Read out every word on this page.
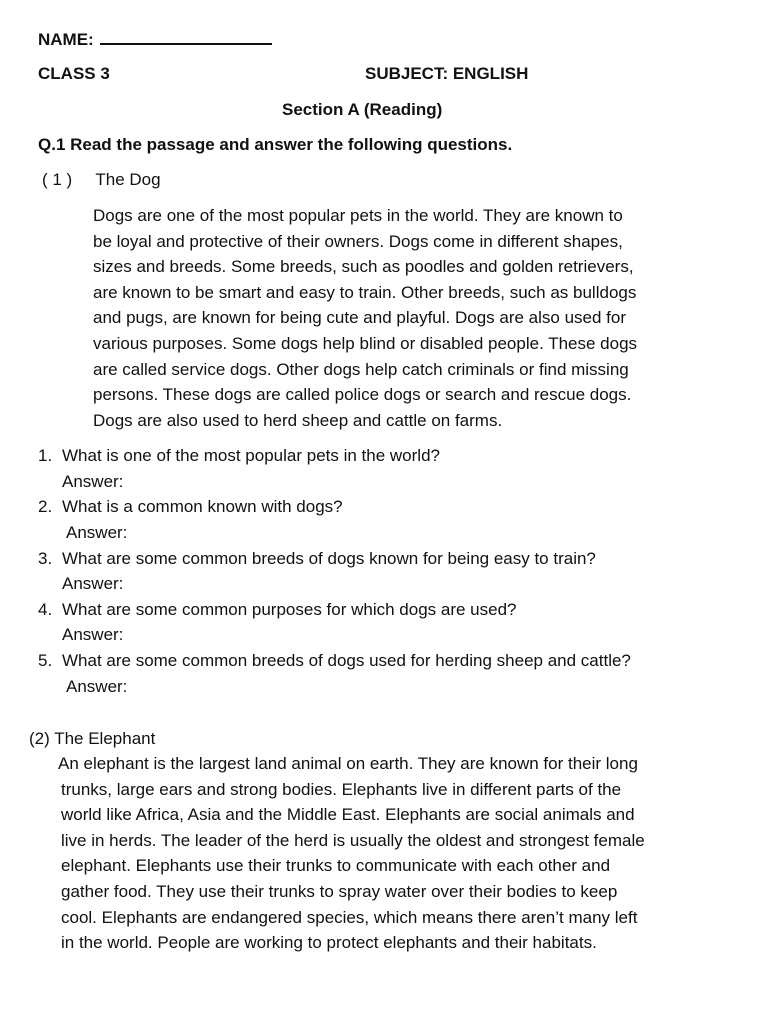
NAME:
CLASS 3	SUBJECT: ENGLISH
Section A (Reading)
Q.1 Read the passage and answer the following questions.
( 1 ) The Dog
Dogs are one of the most popular pets in the world. They are known to
be loyal and protective of their owners. Dogs come in different shapes,
sizes and breeds. Some breeds, such as poodles and golden retrievers,
are known to be smart and easy to train. Other breeds, such as bulldogs
and pugs, are known for being cute and playful. Dogs are also used for
various purposes. Some dogs help blind or disabled people. These dogs
are called service dogs. Other dogs help catch criminals or find missing
persons. These dogs are called police dogs or search and rescue dogs.
Dogs are also used to herd sheep and cattle on farms.
1. What is one of the most popular pets in the world?
Answer:
2. What is a common known with dogs?
Answer:
3. What are some common breeds of dogs known for being easy to train?
Answer:
4. What are some common purposes for which dogs are used?
Answer:
5. What are some common breeds of dogs used for herding sheep and cattle?
Answer:
(2) The Elephant
An elephant is the largest land animal on earth. They are known for their long
trunks, large ears and strong bodies. Elephants live in different parts of the
world like Africa, Asia and the Middle East. Elephants are social animals and
live in herds. The leader of the herd is usually the oldest and strongest female
elephant. Elephants use their trunks to communicate with each other and
gather food. They use their trunks to spray water over their bodies to keep
cool. Elephants are endangered species, which means there aren’t many left
in the world. People are working to protect elephants and their habitats.
